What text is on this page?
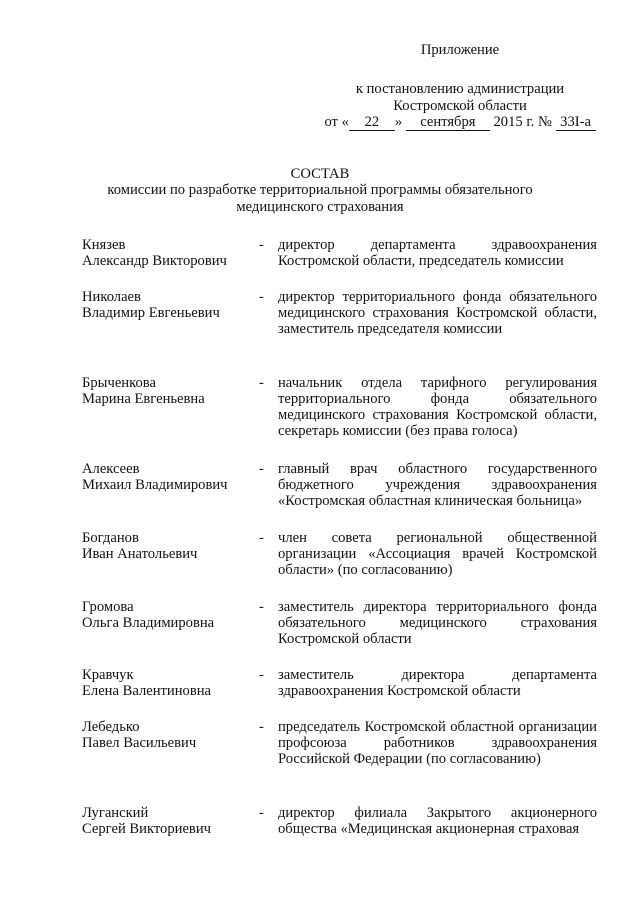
Приложение
к постановлению администрации
Костромской области
от « 22 » сентября 2015 г. № 33I-а
СОСТАВ
комиссии по разработке территориальной программы обязательного
медицинского страхования
Князев
Александр Викторович
- директор департамента здравоохранения Костромской области, председатель комиссии
Николаев
Владимир Евгеньевич
- директор территориального фонда обязательного медицинского страхования Костромской области, заместитель председателя комиссии
Брыченкова
Марина Евгеньевна
- начальник отдела тарифного регулирования территориального фонда обязательного медицинского страхования Костромской области, секретарь комиссии (без права голоса)
Алексеев
Михаил Владимирович
- главный врач областного государственного бюджетного учреждения здравоохранения «Костромская областная клиническая больница»
Богданов
Иван Анатольевич
- член совета региональной общественной организации «Ассоциация врачей Костромской области» (по согласованию)
Громова
Ольга Владимировна
- заместитель директора территориального фонда обязательного медицинского страхования Костромской области
Кравчук
Елена Валентиновна
- заместитель директора департамента здравоохранения Костромской области
Лебедько
Павел Васильевич
- председатель Костромской областной организации профсоюза работников здравоохранения Российской Федерации (по согласованию)
Луганский
Сергей Викториевич
- директор филиала Закрытого акционерного общества «Медицинская акционерная страховая
